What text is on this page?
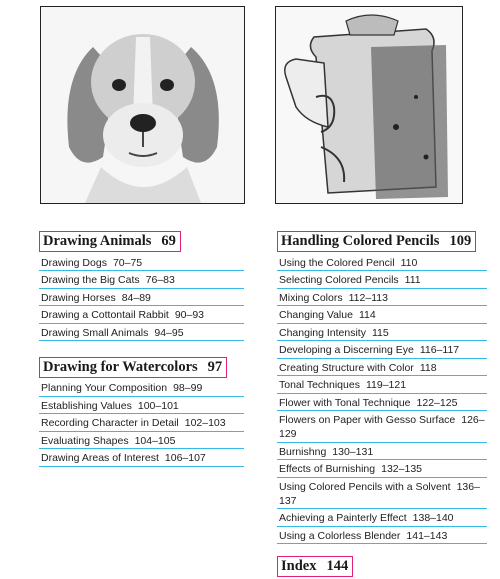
Drawing Animals 69
Drawing Dogs 70–75
Drawing the Big Cats 76–83
Drawing Horses 84–89
Drawing a Cottontail Rabbit 90–93
Drawing Small Animals 94–95
Drawing for Watercolors 97
Planning Your Composition 98–99
Establishing Values 100–101
Recording Character in Detail 102–103
Evaluating Shapes 104–105
Drawing Areas of Interest 106–107
Handling Colored Pencils 109
Using the Colored Pencil 110
Selecting Colored Pencils 111
Mixing Colors 112–113
Changing Value 114
Changing Intensity 115
Developing a Discerning Eye 116–117
Creating Structure with Color 118
Tonal Techniques 119–121
Flower with Tonal Technique 122–125
Flowers on Paper with Gesso Surface 126–129
Burnishng 130–131
Effects of Burnishing 132–135
Using Colored Pencils with a Solvent 136–137
Achieving a Painterly Effect 138–140
Using a Colorless Blender 141–143
Index 144
